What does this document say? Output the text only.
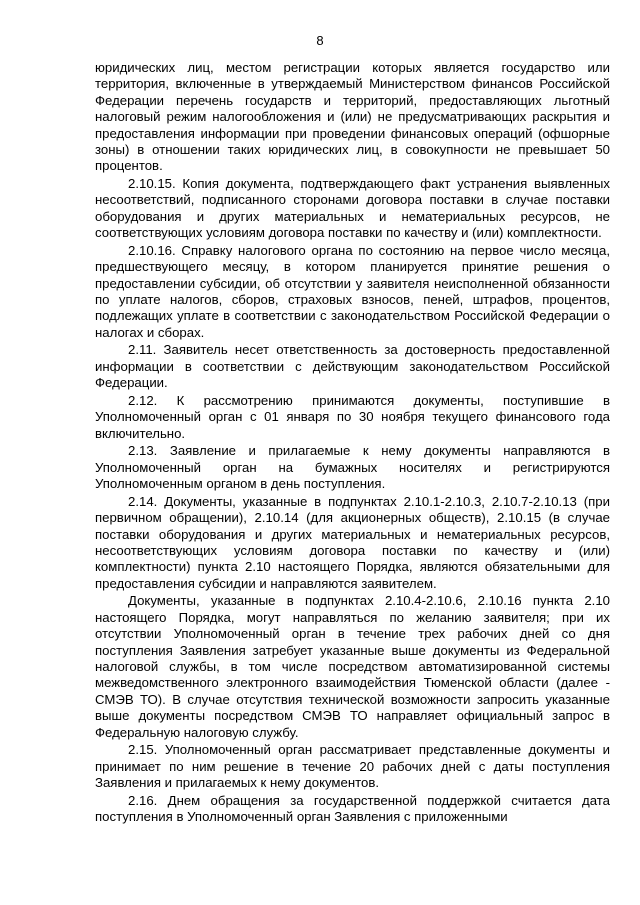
8

юридических лиц, местом регистрации которых является государство или территория, включенные в утверждаемый Министерством финансов Российской Федерации перечень государств и территорий, предоставляющих льготный налоговый режим налогообложения и (или) не предусматривающих раскрытия и предоставления информации при проведении финансовых операций (офшорные зоны) в отношении таких юридических лиц, в совокупности не превышает 50 процентов.

2.10.15. Копия документа, подтверждающего факт устранения выявленных несоответствий, подписанного сторонами договора поставки в случае поставки оборудования и других материальных и нематериальных ресурсов, не соответствующих условиям договора поставки по качеству и (или) комплектности.

2.10.16. Справку налогового органа по состоянию на первое число месяца, предшествующего месяцу, в котором планируется принятие решения о предоставлении субсидии, об отсутствии у заявителя неисполненной обязанности по уплате налогов, сборов, страховых взносов, пеней, штрафов, процентов, подлежащих уплате в соответствии с законодательством Российской Федерации о налогах и сборах.

2.11. Заявитель несет ответственность за достоверность предоставленной информации в соответствии с действующим законодательством Российской Федерации.

2.12. К рассмотрению принимаются документы, поступившие в Уполномоченный орган с 01 января по 30 ноября текущего финансового года включительно.

2.13. Заявление и прилагаемые к нему документы направляются в Уполномоченный орган на бумажных носителях и регистрируются Уполномоченным органом в день поступления.

2.14. Документы, указанные в подпунктах 2.10.1-2.10.3, 2.10.7-2.10.13 (при первичном обращении), 2.10.14 (для акционерных обществ), 2.10.15 (в случае поставки оборудования и других материальных и нематериальных ресурсов, несоответствующих условиям договора поставки по качеству и (или) комплектности) пункта 2.10 настоящего Порядка, являются обязательными для предоставления субсидии и направляются заявителем.

Документы, указанные в подпунктах 2.10.4-2.10.6, 2.10.16 пункта 2.10 настоящего Порядка, могут направляться по желанию заявителя; при их отсутствии Уполномоченный орган в течение трех рабочих дней со дня поступления Заявления затребует указанные выше документы из Федеральной налоговой службы, в том числе посредством автоматизированной системы межведомственного электронного взаимодействия Тюменской области (далее - СМЭВ ТО). В случае отсутствия технической возможности запросить указанные выше документы посредством СМЭВ ТО направляет официальный запрос в Федеральную налоговую службу.

2.15. Уполномоченный орган рассматривает представленные документы и принимает по ним решение в течение 20 рабочих дней с даты поступления Заявления и прилагаемых к нему документов.

2.16. Днем обращения за государственной поддержкой считается дата поступления в Уполномоченный орган Заявления с приложенными
